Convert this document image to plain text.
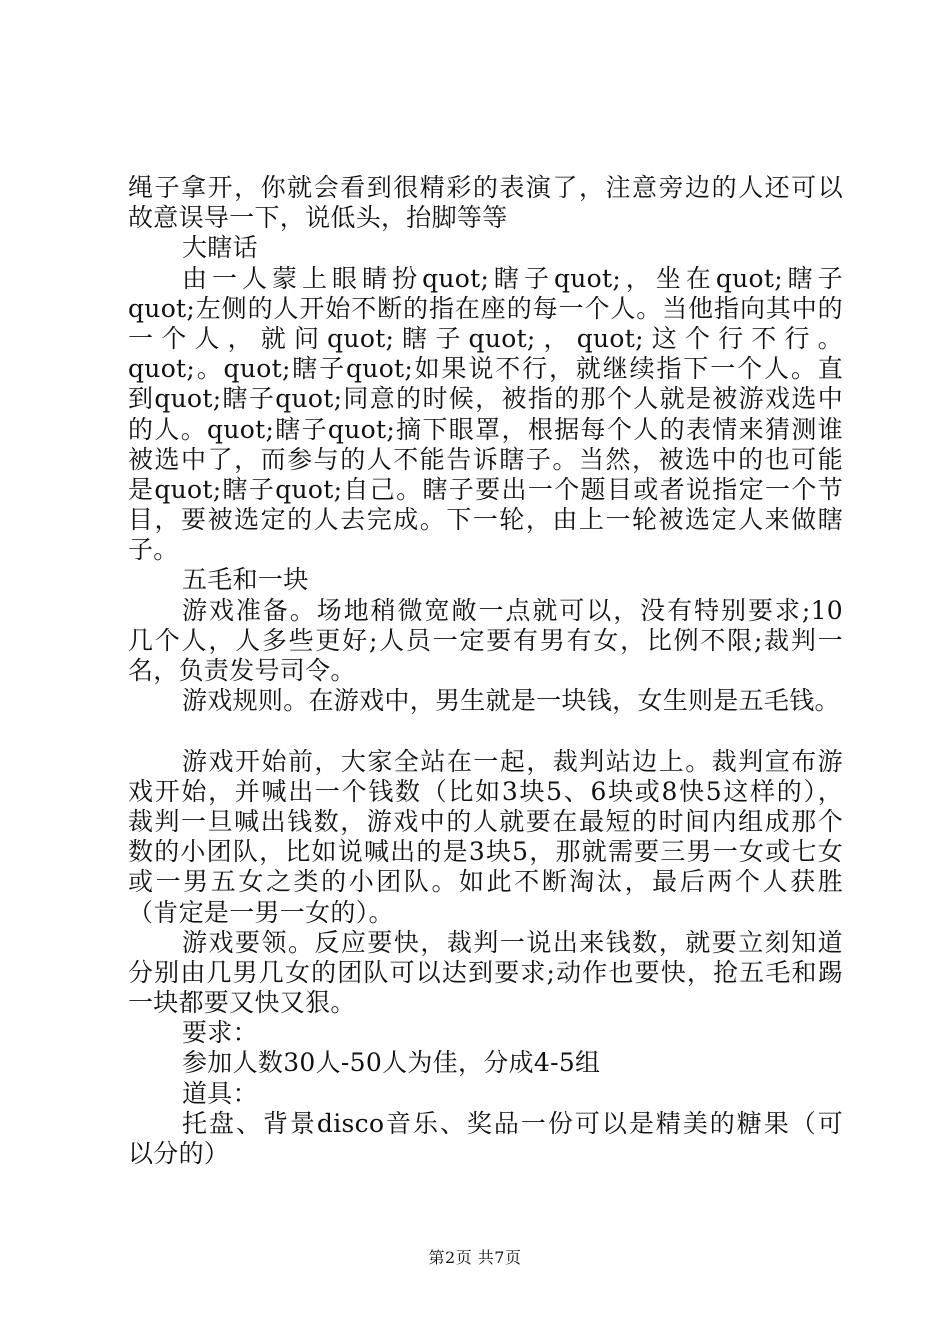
绳子拿开，你就会看到很精彩的表演了，注意旁边的人还可以
故意误导一下，说低头，抬脚等等
大瞎话
由一人蒙上眼睛扮quot;瞎子quot;，坐在quot;瞎子
quot;左侧的人开始不断的指在座的每一个人。当他指向其中的
一个人，就问quot;瞎子quot;，quot;这个行不行。
quot;。quot;瞎子quot;如果说不行，就继续指下一个人。直
到quot;瞎子quot;同意的时候，被指的那个人就是被游戏选中
的人。quot;瞎子quot;摘下眼罩，根据每个人的表情来猜测谁
被选中了，而参与的人不能告诉瞎子。当然，被选中的也可能
是quot;瞎子quot;自己。瞎子要出一个题目或者说指定一个节
目，要被选定的人去完成。下一轮，由上一轮被选定人来做瞎
子。
五毛和一块
游戏准备。场地稍微宽敞一点就可以，没有特别要求;10
几个人，人多些更好;人员一定要有男有女，比例不限;裁判一
名，负责发号司令。
游戏规则。在游戏中，男生就是一块钱，女生则是五毛钱。
游戏开始前，大家全站在一起，裁判站边上。裁判宣布游
戏开始，并喊出一个钱数（比如3块5、6块或8快5这样的），
裁判一旦喊出钱数，游戏中的人就要在最短的时间内组成那个
数的小团队，比如说喊出的是3块5，那就需要三男一女或七女
或一男五女之类的小团队。如此不断淘汰，最后两个人获胜
（肯定是一男一女的）。
游戏要领。反应要快，裁判一说出来钱数，就要立刻知道
分别由几男几女的团队可以达到要求;动作也要快，抢五毛和踢
一块都要又快又狠。
要求：
参加人数30人-50人为佳，分成4-5组
道具：
托盘、背景disco音乐、奖品一份可以是精美的糖果（可
以分的）
第2页 共7页
